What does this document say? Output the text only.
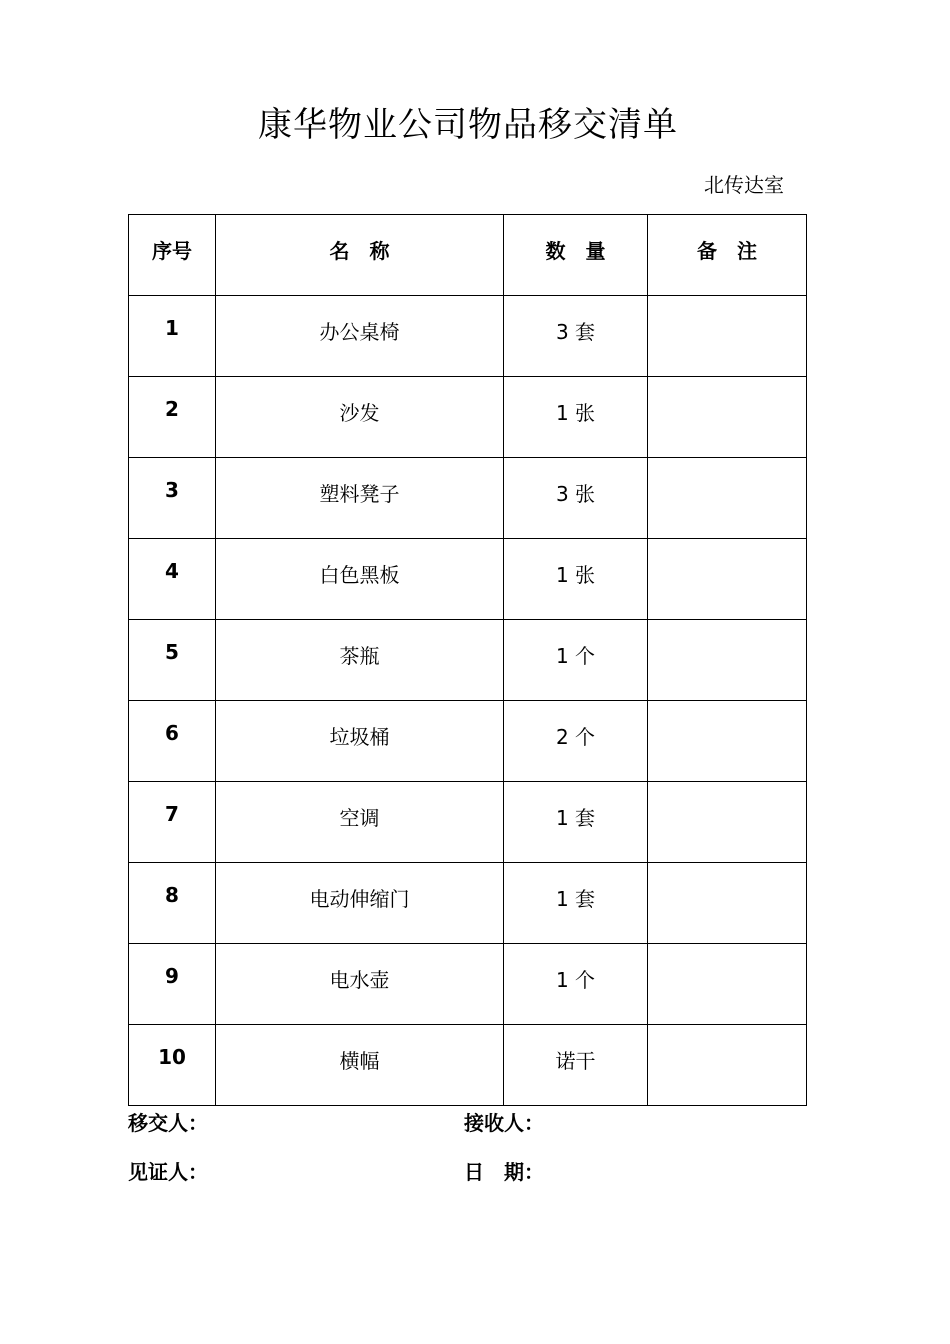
康华物业公司物品移交清单
北传达室
序号	名　称	数　量	备　注
1	办公桌椅	3 套	
2	沙发	1 张	
3	塑料凳子	3 张	
4	白色黑板	1 张	
5	茶瓶	1 个	
6	垃圾桶	2 个	
7	空调	1 套	
8	电动伸缩门	1 套	
9	电水壶	1 个	
10	横幅	诺干	
移交人：	接收人：
见证人：	日　期：
